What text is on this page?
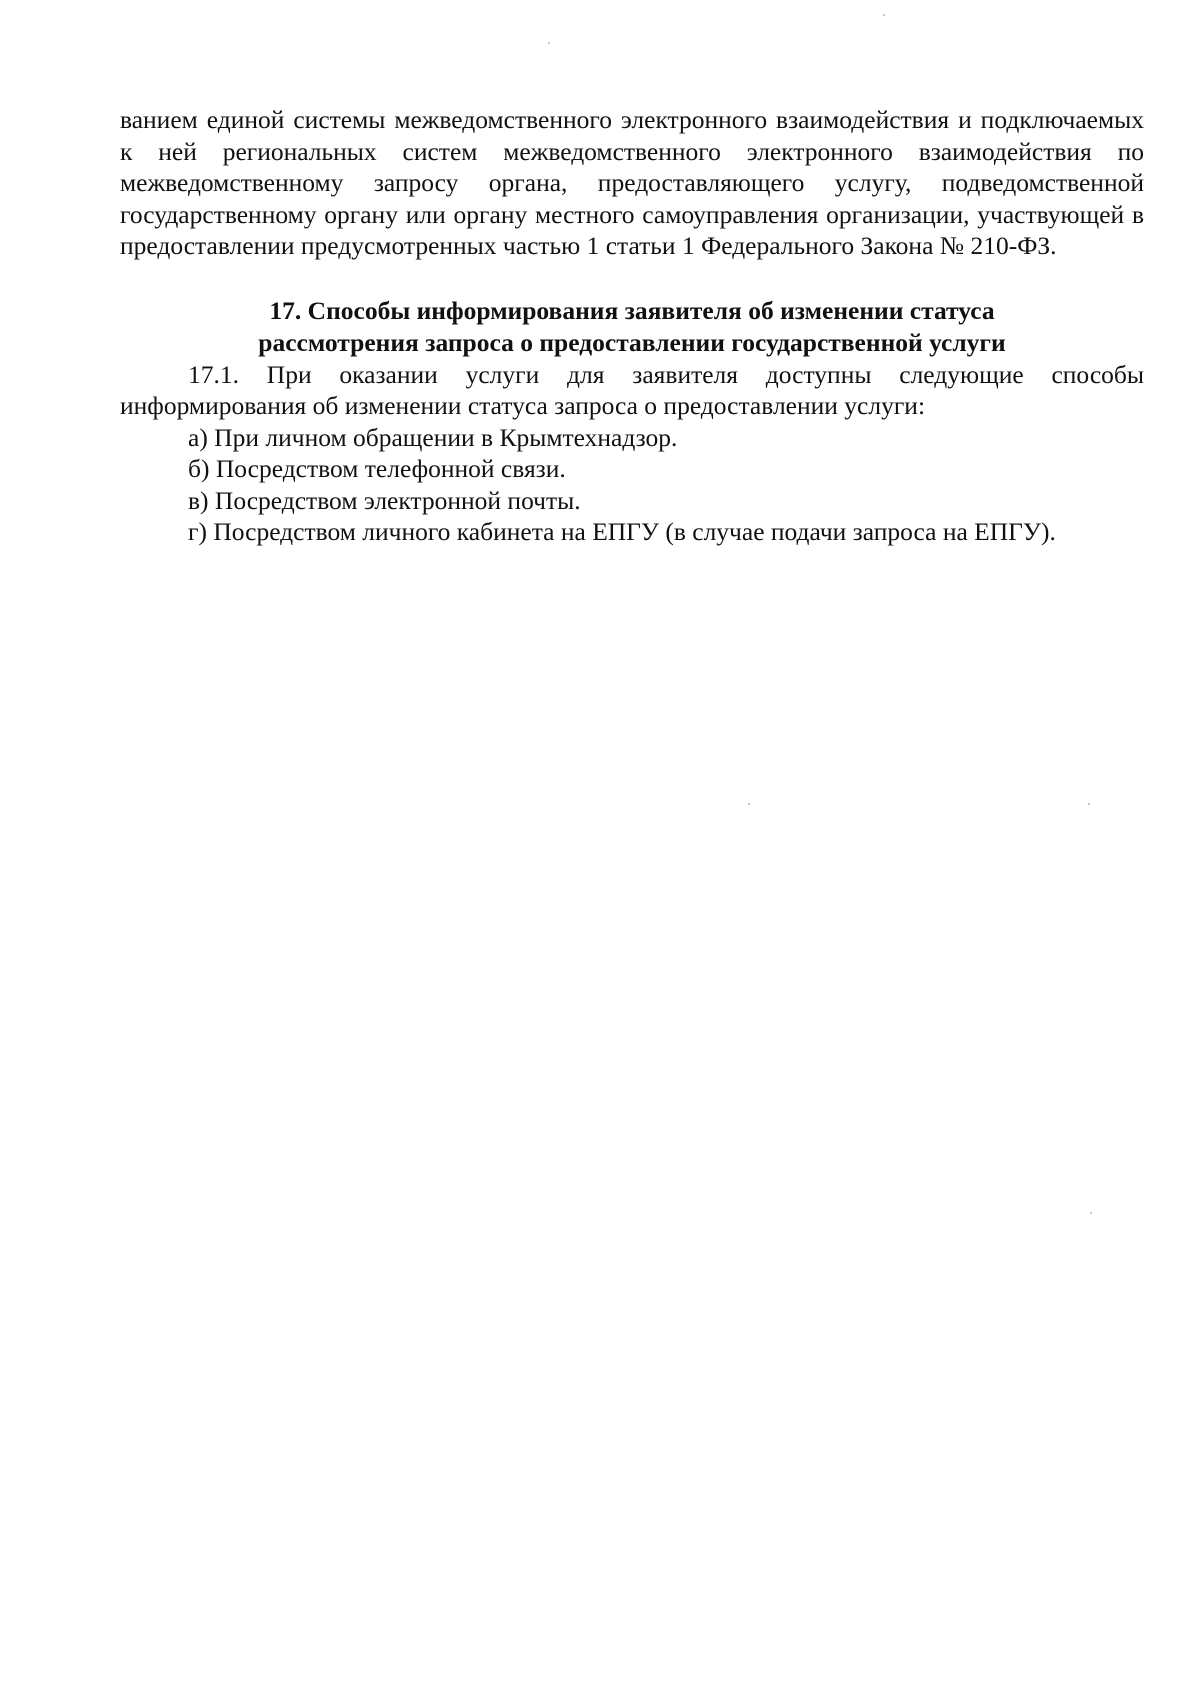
ванием единой системы межведомственного электронного взаимодействия и подключаемых к ней региональных систем межведомственного электронного взаимодействия по межведомственному запросу органа, предоставляющего услугу, подведомственной государственному органу или органу местного самоуправления организации, участвующей в предоставлении предусмотренных частью 1 статьи 1 Федерального Закона № 210-ФЗ.

17. Способы информирования заявителя об изменении статуса
рассмотрения запроса о предоставлении государственной услуги

17.1. При оказании услуги для заявителя доступны следующие способы информирования об изменении статуса запроса о предоставлении услуги:

а) При личном обращении в Крымтехнадзор.

б) Посредством телефонной связи.

в) Посредством электронной почты.

г) Посредством личного кабинета на ЕПГУ (в случае подачи запроса на ЕПГУ).
